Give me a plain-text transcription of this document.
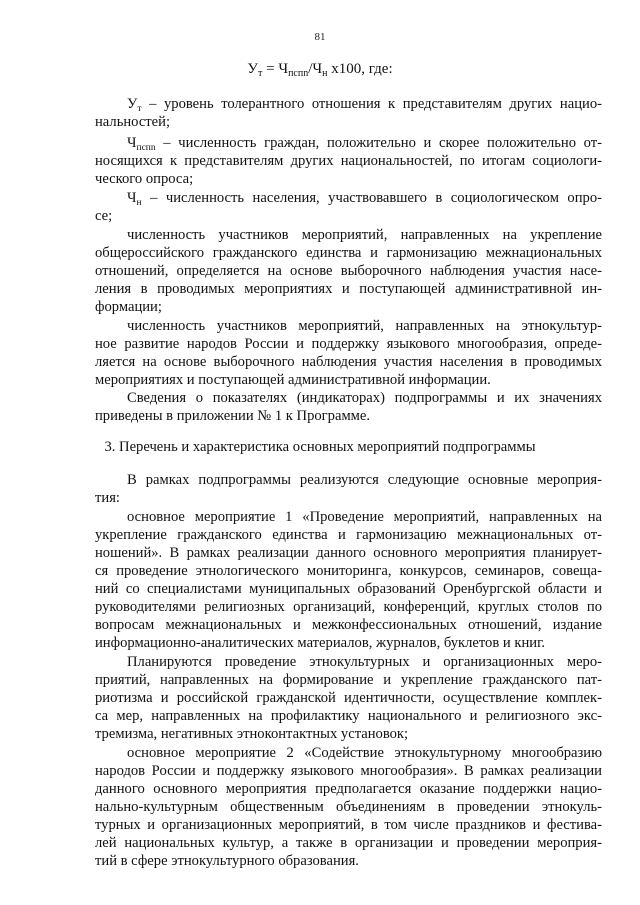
81
$У_т = Ч_{пспn}/Ч_н$ х100, где:
$У_т$ – уровень толерантного отношения к представителям других нацио-
нальностей;
$Ч_{пспn}$ – численность граждан, положительно и скорее положительно от-
носящихся к представителям других национальностей, по итогам социологи-
ческого опроса;
$Ч_н$ – численность населения, участвовавшего в социологическом опро-
се;
численность участников мероприятий, направленных на укрепление
общероссийского гражданского единства и гармонизацию межнациональных
отношений, определяется на основе выборочного наблюдения участия насе-
ления в проводимых мероприятиях и поступающей административной ин-
формации;
численность участников мероприятий, направленных на этнокультур-
ное развитие народов России и поддержку языкового многообразия, опреде-
ляется на основе выборочного наблюдения участия населения в проводимых
мероприятиях и поступающей административной информации.
Сведения о показателях (индикаторах) подпрограммы и их значениях
приведены в приложении № 1 к Программе.
3. Перечень и характеристика основных мероприятий подпрограммы
В рамках подпрограммы реализуются следующие основные мероприя-
тия:
основное мероприятие 1 «Проведение мероприятий, направленных на
укрепление гражданского единства и гармонизацию межнациональных от-
ношений». В рамках реализации данного основного мероприятия планирует-
ся проведение этнологического мониторинга, конкурсов, семинаров, совеща-
ний со специалистами муниципальных образований Оренбургской области и
руководителями религиозных организаций, конференций, круглых столов по
вопросам межнациональных и межконфессиональных отношений, издание
информационно-аналитических материалов, журналов, буклетов и книг.
Планируются проведение этнокультурных и организационных меро-
приятий, направленных на формирование и укрепление гражданского пат-
риотизма и российской гражданской идентичности, осуществление комплек-
са мер, направленных на профилактику национального и религиозного экс-
тремизма, негативных этноконтактных установок;
основное мероприятие 2 «Содействие этнокультурному многообразию
народов России и поддержку языкового многообразия». В рамках реализации
данного основного мероприятия предполагается оказание поддержки нацио-
нально-культурным общественным объединениям в проведении этнокуль-
турных и организационных мероприятий, в том числе праздников и фестива-
лей национальных культур, а также в организации и проведении мероприя-
тий в сфере этнокультурного образования.
